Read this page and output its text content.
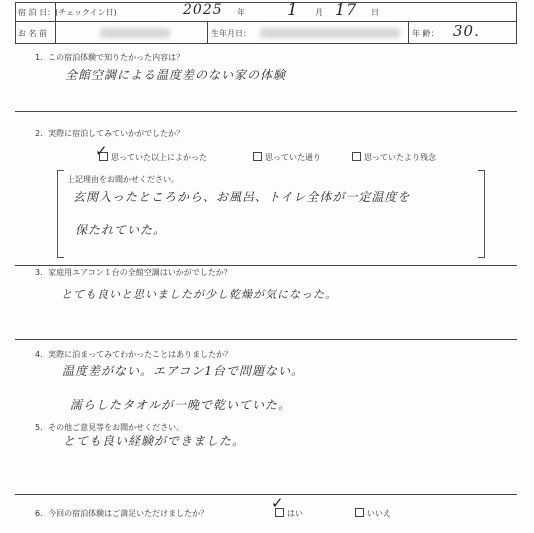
宿 泊 日：(チェックイン日)	2025 年 1 月 17 日
お 名 前	生年月日：	年 齢： 30.
1．この宿泊体験で知りたかった内容は？
全館空調による温度差のない家の体験
2．実際に宿泊してみていかがでしたか？
思っていた以上によかった
✓	思っていた通り	思っていたより残念
上記理由をお聞かせください。
玄関入ったところから、お風呂、トイレ全体が一定温度を
保たれていた。
3．家庭用エアコン１台の全館空調はいかがでしたか？
とても良いと思いましたが少し乾燥が気になった。
4．実際に泊まってみてわかったことはありましたか？
温度差がない。エアコン1台で問題ない。
濡らしたタオルが一晩で乾いていた。
5．その他ご意見等をお聞かせください。
とても良い経験ができました。
6．今回の宿泊体験はご満足いただけましたか？	はい
✓
いいえ
